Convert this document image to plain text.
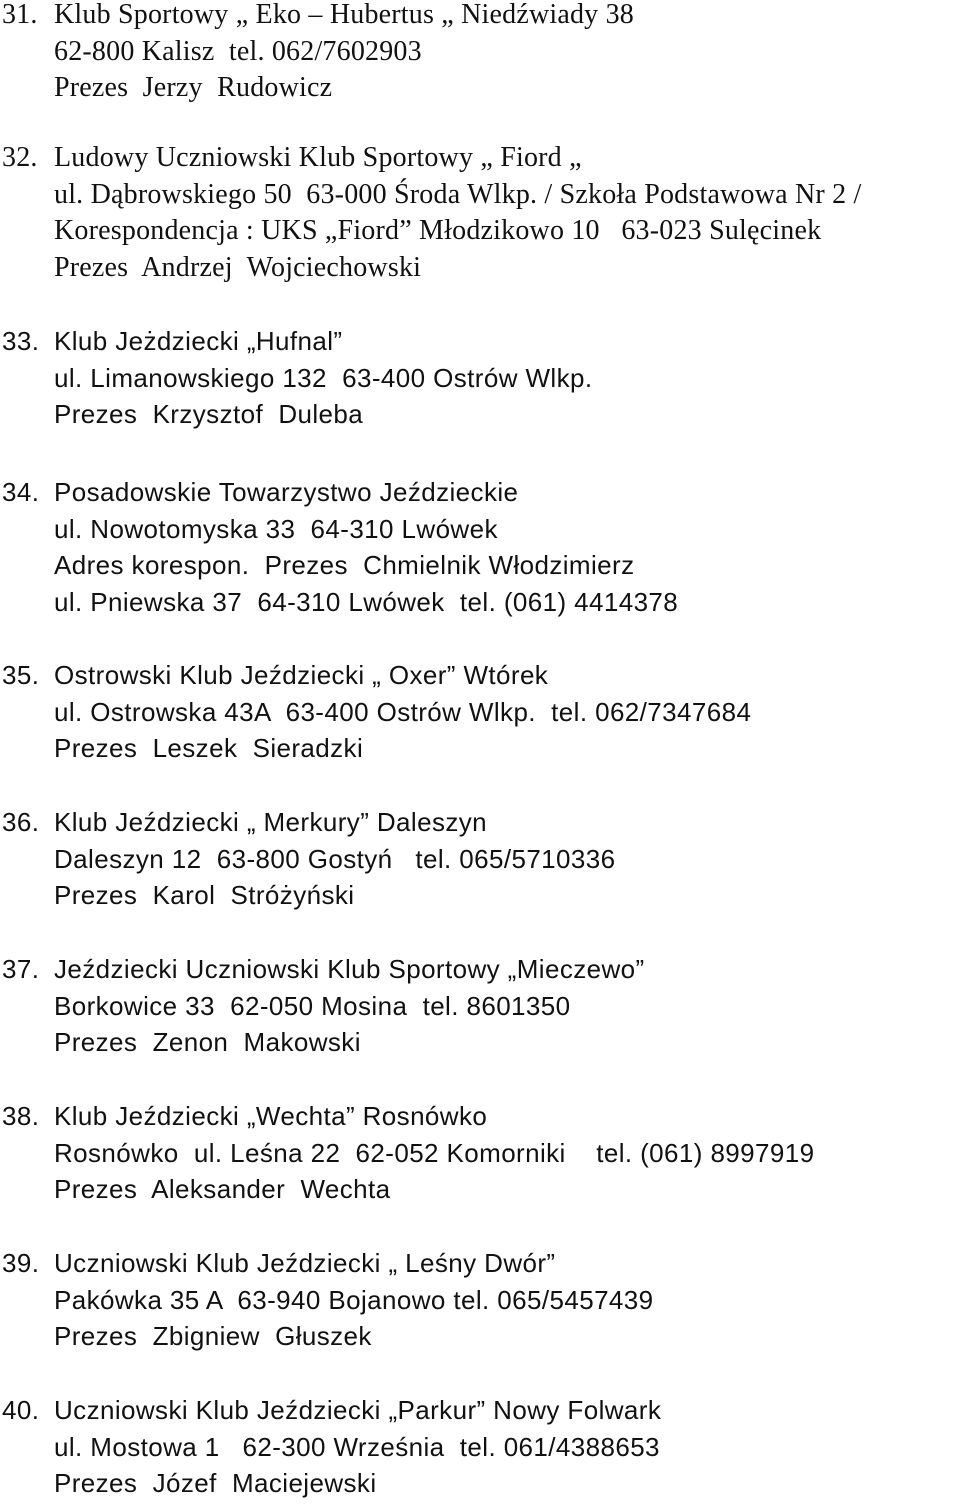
31. Klub Sportowy „ Eko – Hubertus „ Niedźwiady 38
62-800 Kalisz  tel. 062/7602903
Prezes  Jerzy  Rudowicz
32. Ludowy Uczniowski Klub Sportowy „ Fiord „
ul. Dąbrowskiego 50  63-000 Środa Wlkp. / Szkoła Podstawowa Nr 2 /
Korespondencja : UKS „Fiord” Młodzikowo 10   63-023 Sulęcinek
Prezes  Andrzej  Wojciechowski
33. Klub Jeżdziecki „Hufnal”
ul. Limanowskiego 132  63-400 Ostrów Wlkp.
Prezes  Krzysztof  Duleba
34. Posadowskie Towarzystwo Jeździeckie
ul. Nowotomyska 33  64-310 Lwówek
Adres korespon.  Prezes  Chmielnik Włodzimierz
ul. Pniewska 37  64-310 Lwówek  tel. (061) 4414378
35. Ostrowski Klub Jeździecki „ Oxer” Wtórek
ul. Ostrowska 43A  63-400 Ostrów Wlkp.  tel. 062/7347684
Prezes  Leszek  Sieradzki
36. Klub Jeździecki „ Merkury” Daleszyn
Daleszyn 12  63-800 Gostyń   tel. 065/5710336
Prezes  Karol  Stróżyński
37. Jeździecki Uczniowski Klub Sportowy „Mieczewo”
Borkowice 33  62-050 Mosina  tel. 8601350
Prezes  Zenon  Makowski
38. Klub Jeździecki „Wechta” Rosnówko
Rosnówko  ul. Leśna 22  62-052 Komorniki    tel. (061) 8997919
Prezes  Aleksander  Wechta
39. Uczniowski Klub Jeździecki „ Leśny Dwór”
Pakówka 35 A  63-940 Bojanowo tel. 065/5457439
Prezes  Zbigniew  Głuszek
40. Uczniowski Klub Jeździecki „Parkur” Nowy Folwark
ul. Mostowa 1   62-300 Września  tel. 061/4388653
Prezes  Józef  Maciejewski
